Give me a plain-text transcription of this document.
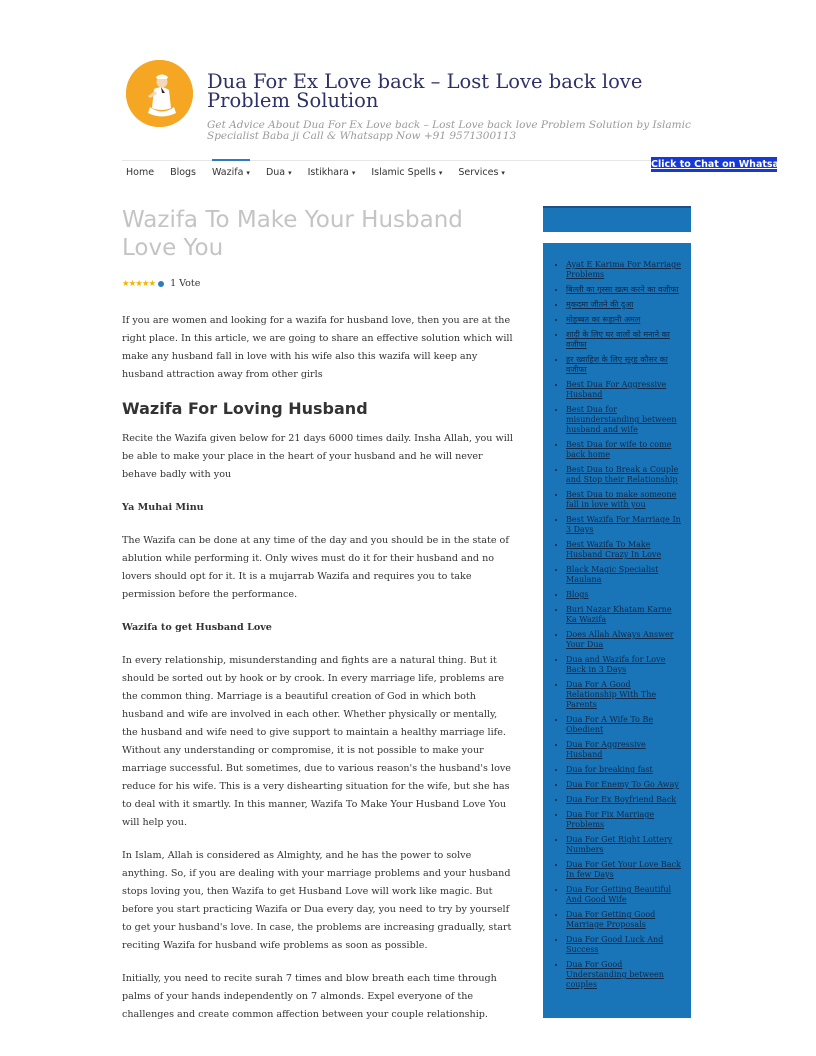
Dua For Ex Love back – Lost Love back love Problem Solution
Get Advice About Dua For Ex Love back – Lost Love back love Problem Solution by Islamic Specialist Baba ji Call & Whatsapp Now +91 9571300113
Home Blogs Wazifa ▾ Dua ▾ Istikhara ▾ Islamic Spells ▾ Services ▾
Click to Chat on Whatsapp
Wazifa To Make Your Husband Love You
★★★★★ 1 Vote

If you are women and looking for a wazifa for husband love, then you are at the right place. In this article, we are going to share an effective solution which will make any husband fall in love with his wife also this wazifa will keep any husband attraction away from other girls

Wazifa For Loving Husband

Recite the Wazifa given below for 21 days 6000 times daily. Insha Allah, you will be able to make your place in the heart of your husband and he will never behave badly with you

Ya Muhai Minu

The Wazifa can be done at any time of the day and you should be in the state of ablution while performing it. Only wives must do it for their husband and no lovers should opt for it. It is a mujarrab Wazifa and requires you to take permission before the performance.

Wazifa to get Husband Love

In every relationship, misunderstanding and fights are a natural thing. But it should be sorted out by hook or by crook. In every marriage life, problems are the common thing. Marriage is a beautiful creation of God in which both husband and wife are involved in each other. Whether physically or mentally, the husband and wife need to give support to maintain a healthy marriage life. Without any understanding or compromise, it is not possible to make your marriage successful. But sometimes, due to various reason's the husband's love reduce for his wife. This is a very dishearting situation for the wife, but she has to deal with it smartly. In this manner, Wazifa To Make Your Husband Love You will help you.

In Islam, Allah is considered as Almighty, and he has the power to solve anything. So, if you are dealing with your marriage problems and your husband stops loving you, then Wazifa to get Husband Love will work like magic. But before you start practicing Wazifa or Dua every day, you need to try by yourself to get your husband's love. In case, the problems are increasing gradually, start reciting Wazifa for husband wife problems as soon as possible.

Initially, you need to recite surah 7 times and blow breath each time through palms of your hands independently on 7 almonds. Expel everyone of the challenges and create common affection between your couple relationship.

• Ayat E Karima For Marriage Problems
• बिल्ली का गुस्सा खत्म करने का वजीफा
• मुकदमा जीतने की दुआ
• मोहब्बत का रूहानी अमल
• शादी के लिए घर वालों को मनाने का वजीफा
• हर ख्वाहिश के लिए सूरह कौसर का वजीफा
• Best Dua For Aggressive Husband
• Best Dua for misunderstanding between husband and wife
• Best Dua for wife to come back home
• Best Dua to Break a Couple and Stop their Relationship
• Best Dua to make someone fall in love with you
• Best Wazifa For Marriage In 3 Days
• Best Wazifa To Make Husband Crazy In Love
• Black Magic Specialist Maulana
• Blogs
• Buri Nazar Khatam Karne Ka Wazifa
• Does Allah Always Answer Your Dua
• Dua and Wazifa for Love Back in 3 Days
• Dua For A Good Relationship With The Parents
• Dua For A Wife To Be Obedient
• Dua For Aggressive Husband
• Dua for breaking fast
• Dua For Enemy To Go Away
• Dua For Ex Boyfriend Back
• Dua For Fix Marriage Problems
• Dua For Get Right Lottery Numbers
• Dua For Get Your Love Back In few Days
• Dua For Getting Beautiful And Good Wife
• Dua For Getting Good Marriage Proposals
• Dua For Good Luck And Success
• Dua For Good Understanding between couples
